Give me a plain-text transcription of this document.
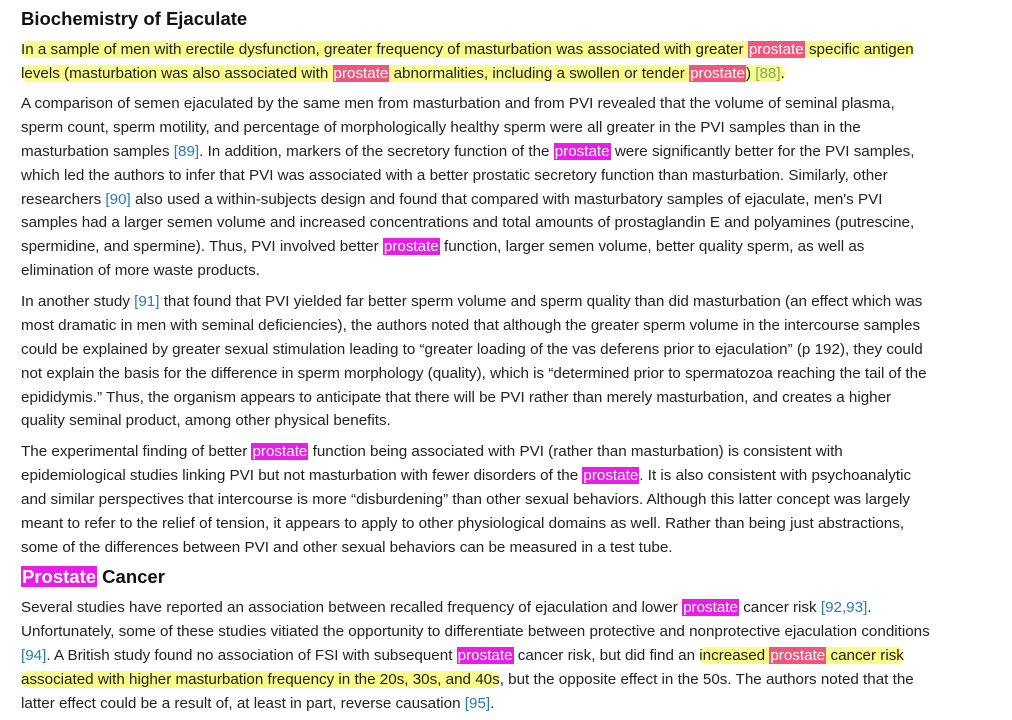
Biochemistry of Ejaculate

In a sample of men with erectile dysfunction, greater frequency of masturbation was associated with greater prostate specific antigen
levels (masturbation was also associated with prostate abnormalities, including a swollen or tender prostate) [88].

A comparison of semen ejaculated by the same men from masturbation and from PVI revealed that the volume of seminal plasma,
sperm count, sperm motility, and percentage of morphologically healthy sperm were all greater in the PVI samples than in the
masturbation samples [89]. In addition, markers of the secretory function of the prostate were significantly better for the PVI samples,
which led the authors to infer that PVI was associated with a better prostatic secretory function than masturbation. Similarly, other
researchers [90] also used a within-subjects design and found that compared with masturbatory samples of ejaculate, men's PVI
samples had a larger semen volume and increased concentrations and total amounts of prostaglandin E and polyamines (putrescine,
spermidine, and spermine). Thus, PVI involved better prostate function, larger semen volume, better quality sperm, as well as
elimination of more waste products.

In another study [91] that found that PVI yielded far better sperm volume and sperm quality than did masturbation (an effect which was
most dramatic in men with seminal deficiencies), the authors noted that although the greater sperm volume in the intercourse samples
could be explained by greater sexual stimulation leading to “greater loading of the vas deferens prior to ejaculation” (p 192), they could
not explain the basis for the difference in sperm morphology (quality), which is “determined prior to spermatozoa reaching the tail of the
epididymis.” Thus, the organism appears to anticipate that there will be PVI rather than merely masturbation, and creates a higher
quality seminal product, among other physical benefits.

The experimental finding of better prostate function being associated with PVI (rather than masturbation) is consistent with
epidemiological studies linking PVI but not masturbation with fewer disorders of the prostate. It is also consistent with psychoanalytic
and similar perspectives that intercourse is more “disburdening” than other sexual behaviors. Although this latter concept was largely
meant to refer to the relief of tension, it appears to apply to other physiological domains as well. Rather than being just abstractions,
some of the differences between PVI and other sexual behaviors can be measured in a test tube.

Prostate Cancer

Several studies have reported an association between recalled frequency of ejaculation and lower prostate cancer risk [92,93].
Unfortunately, some of these studies vitiated the opportunity to differentiate between protective and nonprotective ejaculation conditions
[94]. A British study found no association of FSI with subsequent prostate cancer risk, but did find an increased prostate cancer risk
associated with higher masturbation frequency in the 20s, 30s, and 40s, but the opposite effect in the 50s. The authors noted that the
latter effect could be a result of, at least in part, reverse causation [95].
